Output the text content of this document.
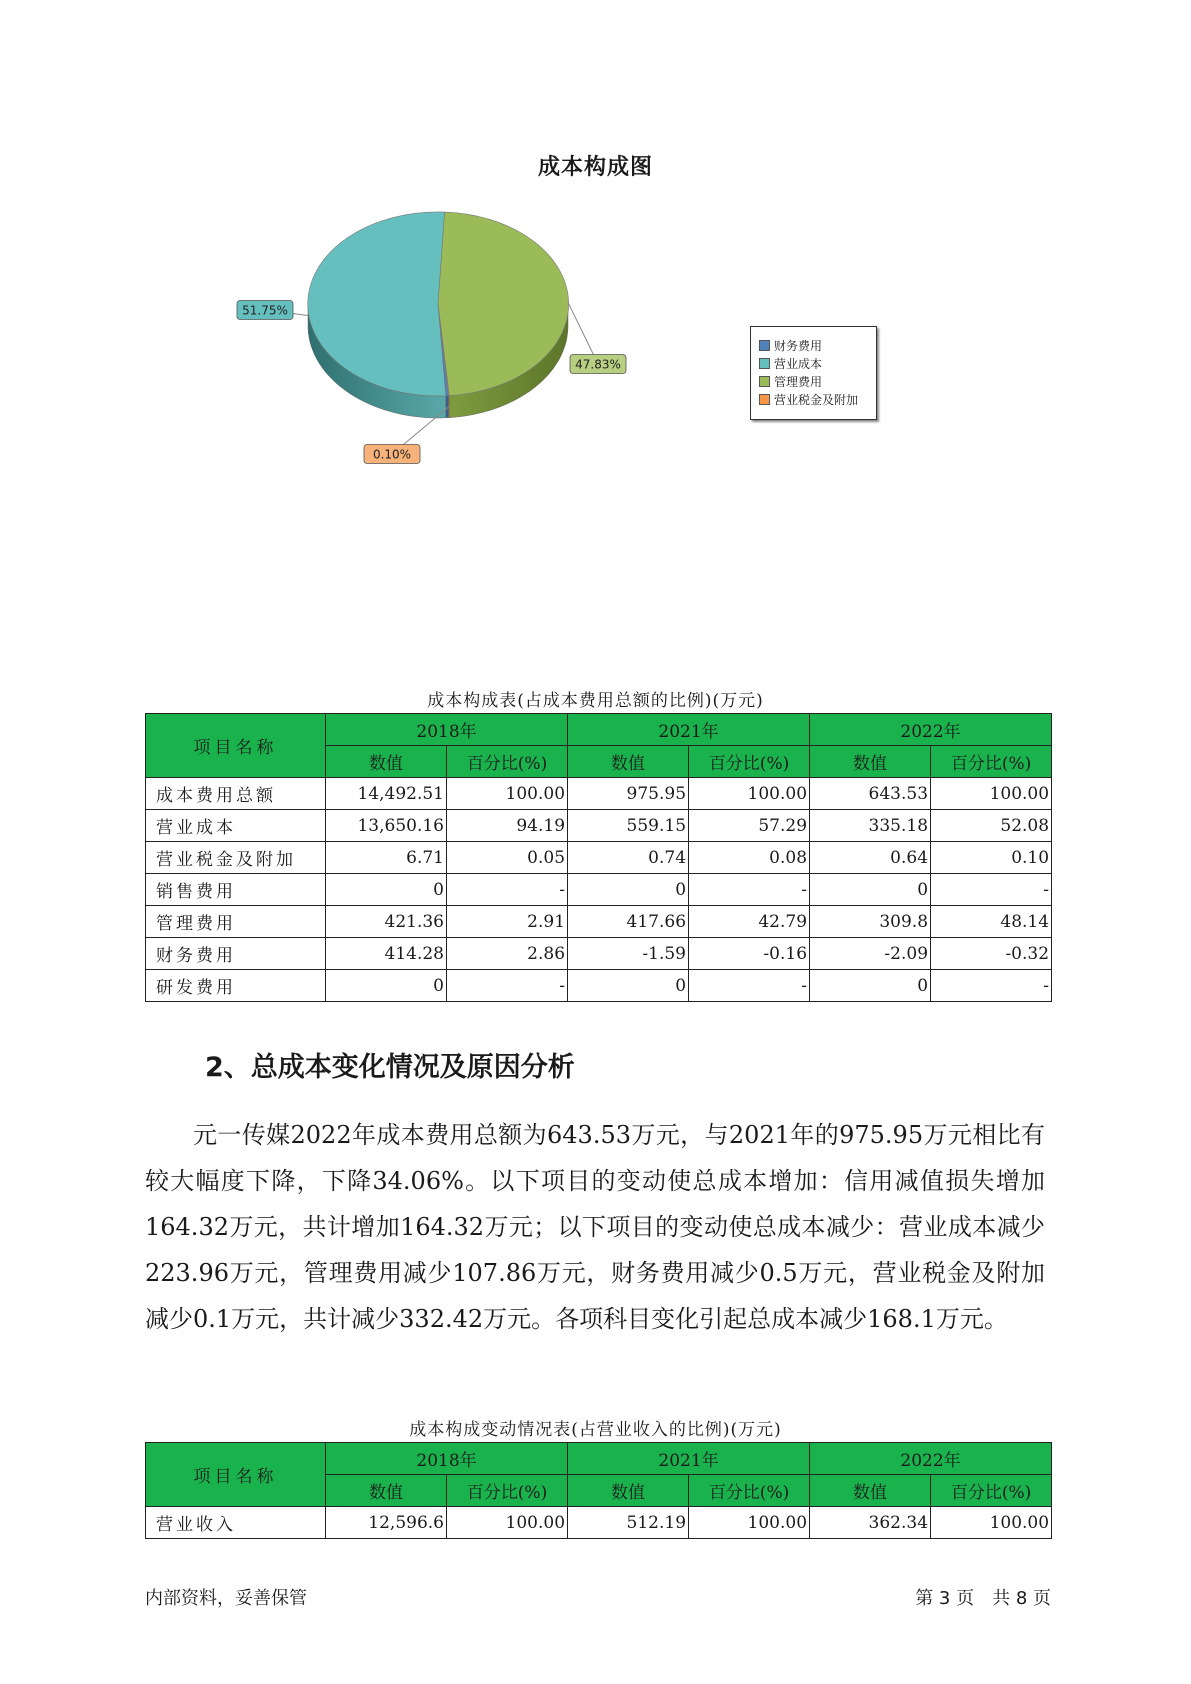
成本构成图
47.83%
0.10%
51.75%
财务费用
营业成本
管理费用
营业税金及附加
成本构成表(占成本费用总额的比例)(万元)
项目名称	2018年		2021年		2022年	
	数值	百分比(%)	数值	百分比(%)	数值	百分比(%)
成本费用总额	14,492.51	100.00	975.95	100.00	643.53	100.00
营业成本	13,650.16	94.19	559.15	57.29	335.18	52.08
营业税金及附加	6.71	0.05	0.74	0.08	0.64	0.10
销售费用	0	-	0	-	0	-
管理费用	421.36	2.91	417.66	42.79	309.8	48.14
财务费用	414.28	2.86	-1.59	-0.16	-2.09	-0.32
研发费用	0	-	0	-	0	-
2、总成本变化情况及原因分析
元一传媒2022年成本费用总额为643.53万元，与2021年的975.95万元相比有较大幅度下降，下降34.06%。以下项目的变动使总成本增加：信用减值损失增加164.32万元，共计增加164.32万元；以下项目的变动使总成本减少：营业成本减少223.96万元，管理费用减少107.86万元，财务费用减少0.5万元，营业税金及附加减少0.1万元，共计减少332.42万元。各项科目变化引起总成本减少168.1万元。
成本构成变动情况表(占营业收入的比例)(万元)
项目名称	2018年		2021年		2022年	
	数值	百分比(%)	数值	百分比(%)	数值	百分比(%)
营业收入	12,596.6	100.00	512.19	100.00	362.34	100.00
内部资料，妥善保管	第 3 页　共 8 页
